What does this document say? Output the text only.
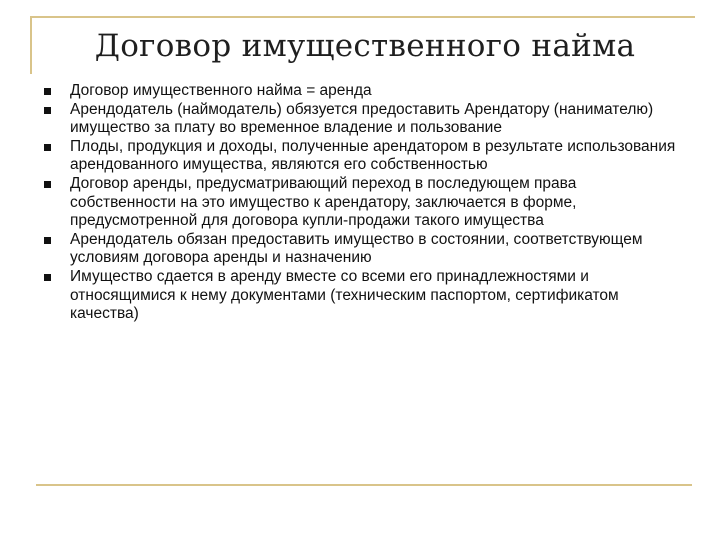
Договор имущественного найма
Договор имущественного найма = аренда
Арендодатель (наймодатель) обязуется предоставить Арендатору (нанимателю) имущество за плату во временное владение и пользование
Плоды, продукция и доходы, полученные арендатором в результате использования арендованного имущества, являются его собственностью
Договор аренды, предусматривающий переход в последующем права собственности на это имущество к арендатору, заключается в форме, предусмотренной для договора купли-продажи такого имущества
Арендодатель обязан предоставить имущество в состоянии, соответствующем условиям договора аренды и назначению
Имущество сдается в аренду вместе со всеми его принадлежностями и относящимися к нему документами (техническим паспортом, сертификатом качества)
